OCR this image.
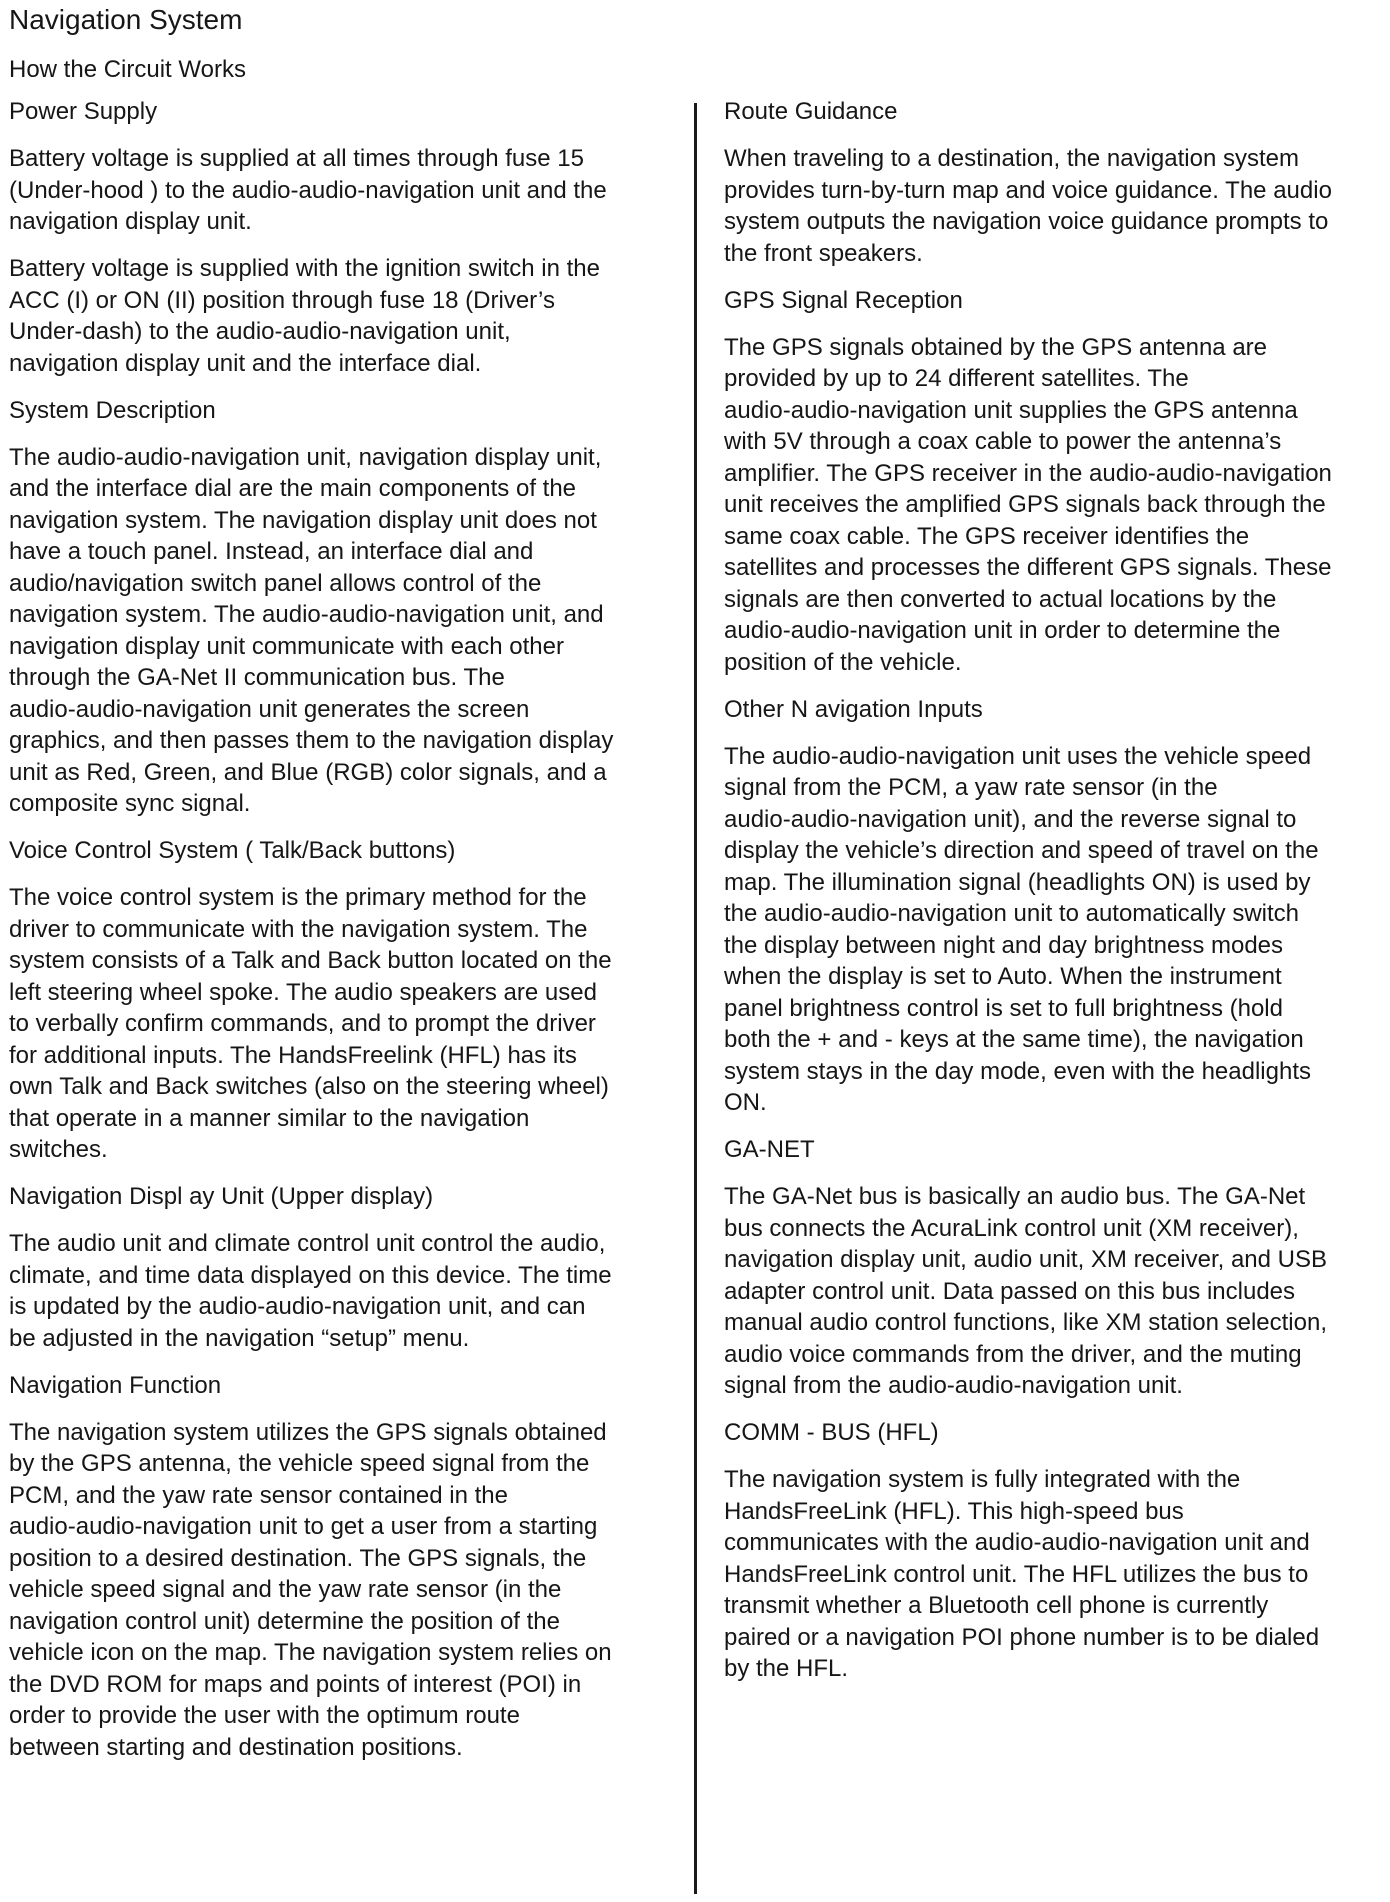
Navigation System
How the Circuit Works
Power Supply

Battery voltage is supplied at all times through fuse 15
(Under-hood ) to the audio-audio-navigation unit and the
navigation display unit.

Battery voltage is supplied with the ignition switch in the
ACC (I) or ON (II) position through fuse 18 (Driver’s
Under-dash) to the audio-audio-navigation unit,
navigation display unit and the interface dial.

System Description

The audio-audio-navigation unit, navigation display unit,
and the interface dial are the main components of the
navigation system. The navigation display unit does not
have a touch panel. Instead, an interface dial and
audio/navigation switch panel allows control of the
navigation system. The audio-audio-navigation unit, and
navigation display unit communicate with each other
through the GA-Net II communication bus. The
audio-audio-navigation unit generates the screen
graphics, and then passes them to the navigation display
unit as Red, Green, and Blue (RGB) color signals, and a
composite sync signal.

Voice Control System ( Talk/Back buttons)

The voice control system is the primary method for the
driver to communicate with the navigation system. The
system consists of a Talk and Back button located on the
left steering wheel spoke. The audio speakers are used
to verbally confirm commands, and to prompt the driver
for additional inputs. The HandsFreelink (HFL) has its
own Talk and Back switches (also on the steering wheel)
that operate in a manner similar to the navigation
switches.

Navigation Displ ay Unit (Upper display)

The audio unit and climate control unit control the audio,
climate, and time data displayed on this device. The time
is updated by the audio-audio-navigation unit, and can
be adjusted in the navigation “setup” menu.

Navigation Function

The navigation system utilizes the GPS signals obtained
by the GPS antenna, the vehicle speed signal from the
PCM, and the yaw rate sensor contained in the
audio-audio-navigation unit to get a user from a starting
position to a desired destination. The GPS signals, the
vehicle speed signal and the yaw rate sensor (in the
navigation control unit) determine the position of the
vehicle icon on the map. The navigation system relies on
the DVD ROM for maps and points of interest (POI) in
order to provide the user with the optimum route
between starting and destination positions.

Route Guidance

When traveling to a destination, the navigation system
provides turn-by-turn map and voice guidance. The audio
system outputs the navigation voice guidance prompts to
the front speakers.

GPS Signal Reception

The GPS signals obtained by the GPS antenna are
provided by up to 24 different satellites. The
audio-audio-navigation unit supplies the GPS antenna
with 5V through a coax cable to power the antenna’s
amplifier. The GPS receiver in the audio-audio-navigation
unit receives the amplified GPS signals back through the
same coax cable. The GPS receiver identifies the
satellites and processes the different GPS signals. These
signals are then converted to actual locations by the
audio-audio-navigation unit in order to determine the
position of the vehicle.

Other N avigation Inputs

The audio-audio-navigation unit uses the vehicle speed
signal from the PCM, a yaw rate sensor (in the
audio-audio-navigation unit), and the reverse signal to
display the vehicle’s direction and speed of travel on the
map. The illumination signal (headlights ON) is used by
the audio-audio-navigation unit to automatically switch
the display between night and day brightness modes
when the display is set to Auto. When the instrument
panel brightness control is set to full brightness (hold
both the + and - keys at the same time), the navigation
system stays in the day mode, even with the headlights
ON.

GA-NET

The GA-Net bus is basically an audio bus. The GA-Net
bus connects the AcuraLink control unit (XM receiver),
navigation display unit, audio unit, XM receiver, and USB
adapter control unit. Data passed on this bus includes
manual audio control functions, like XM station selection,
audio voice commands from the driver, and the muting
signal from the audio-audio-navigation unit.

COMM - BUS (HFL)

The navigation system is fully integrated with the
HandsFreeLink (HFL). This high-speed bus
communicates with the audio-audio-navigation unit and
HandsFreeLink control unit. The HFL utilizes the bus to
transmit whether a Bluetooth cell phone is currently
paired or a navigation POI phone number is to be dialed
by the HFL.
